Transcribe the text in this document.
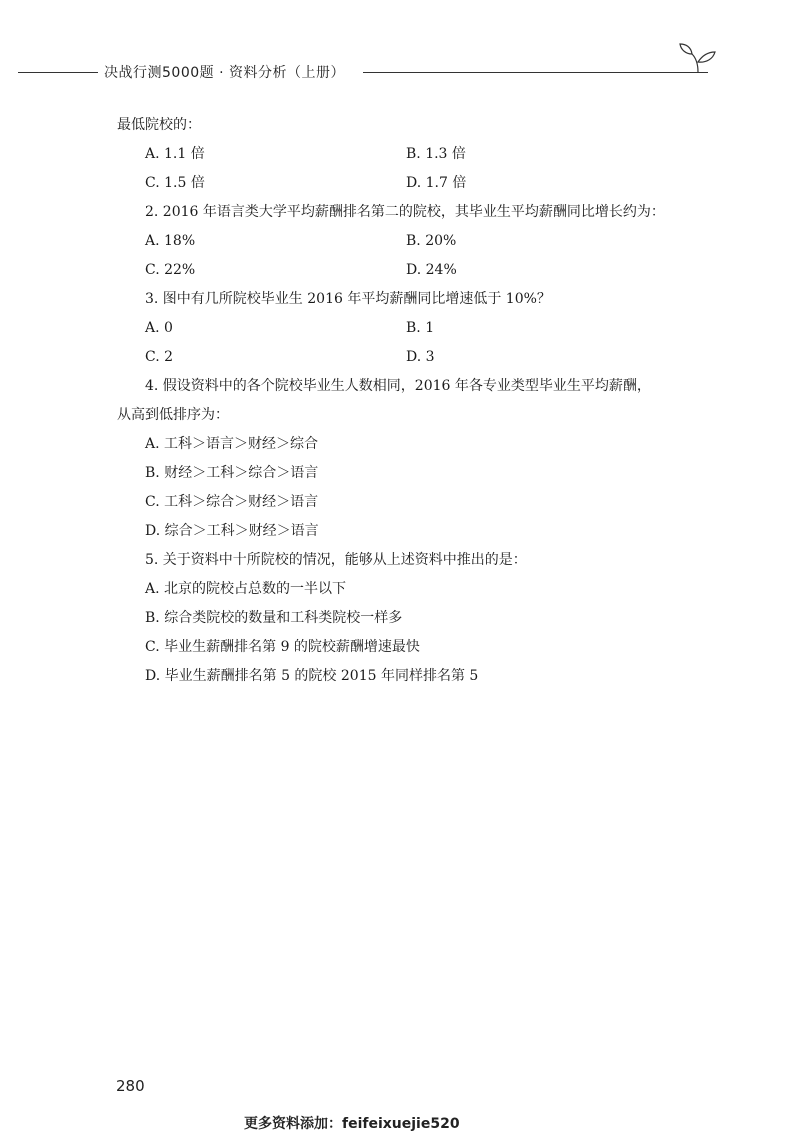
决战行测5000题 · 资料分析（上册）
最低院校的：
A. 1.1 倍	B. 1.3 倍
C. 1.5 倍	D. 1.7 倍
2. 2016 年语言类大学平均薪酬排名第二的院校，其毕业生平均薪酬同比增长约为：
A. 18%	B. 20%
C. 22%	D. 24%
3. 图中有几所院校毕业生 2016 年平均薪酬同比增速低于 10%？
A. 0	B. 1
C. 2	D. 3
4. 假设资料中的各个院校毕业生人数相同，2016 年各专业类型毕业生平均薪酬，
从高到低排序为：
A. 工科＞语言＞财经＞综合
B. 财经＞工科＞综合＞语言
C. 工科＞综合＞财经＞语言
D. 综合＞工科＞财经＞语言
5. 关于资料中十所院校的情况，能够从上述资料中推出的是：
A. 北京的院校占总数的一半以下
B. 综合类院校的数量和工科类院校一样多
C. 毕业生薪酬排名第 9 的院校薪酬增速最快
D. 毕业生薪酬排名第 5 的院校 2015 年同样排名第 5
280
更多资料添加：feifeixuejie520
